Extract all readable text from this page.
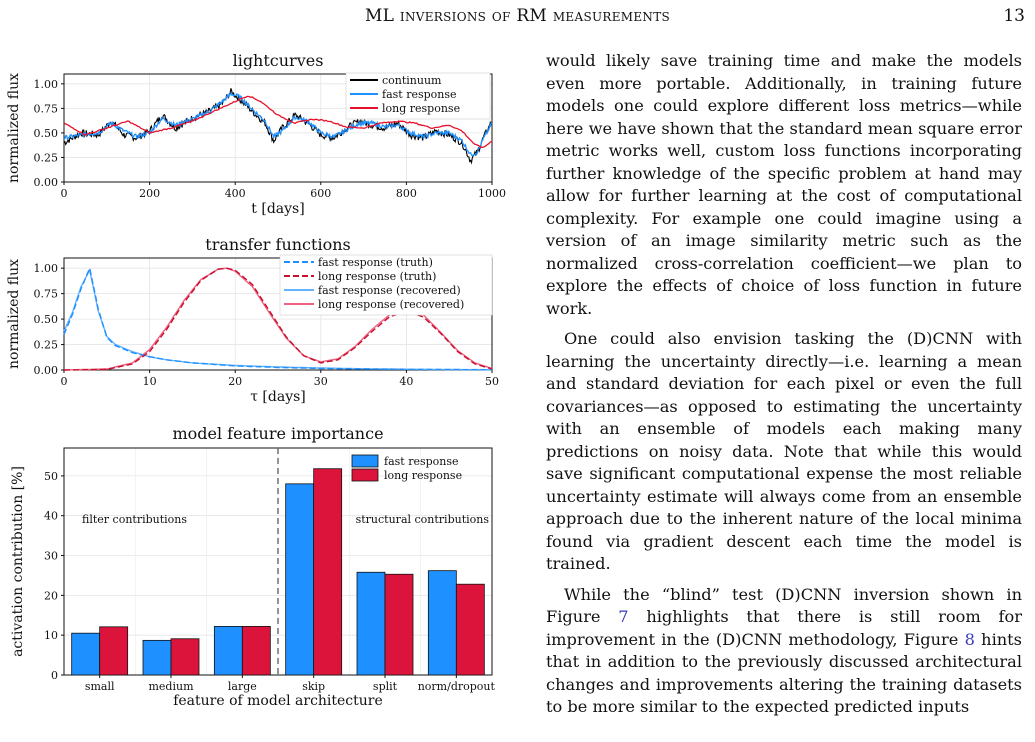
ML inversions of RM measurements	13
0.00
0.25
0.50
0.75
1.00
0	200	400	600	800	1000
lightcurves
t [days]
normalized flux	continuum
fast response
long response
0.00
0.25
0.50
0.75
1.00
0	10	20	30	40	50
transfer functions
τ [days]
normalized flux	fast response (truth)
long response (truth)
fast response (recovered)
long response (recovered)
0
10
20
30
40
50
small	medium	large	skip	split norm/dropout
filter contributions	structural contributions
model feature importance
feature of model architecture
activation contribution [%]
fast response
long response

would likely save training time and make the models even more portable. Additionally, in training future models one could explore different loss metrics—while here we have shown that the standard mean square error metric works well, custom loss functions incorporating further knowledge of the specific problem at hand may allow for further learning at the cost of computational complexity. For example one could imagine using a version of an image similarity metric such as the normalized cross-correlation coefficient—we plan to explore the effects of choice of loss function in future work.

One could also envision tasking the (D)CNN with learning the uncertainty directly—i.e. learning a mean and standard deviation for each pixel or even the full covariances—as opposed to estimating the uncertainty with an ensemble of models each making many predictions on noisy data. Note that while this would save significant computational expense the most reliable uncertainty estimate will always come from an ensemble approach due to the inherent nature of the local minima found via gradient descent each time the model is trained.

While the “blind” test (D)CNN inversion shown in Figure 7 highlights that there is still room for improvement in the (D)CNN methodology, Figure 8 hints that in addition to the previously discussed architectural changes and improvements altering the training datasets to be more similar to the expected predicted inputs
